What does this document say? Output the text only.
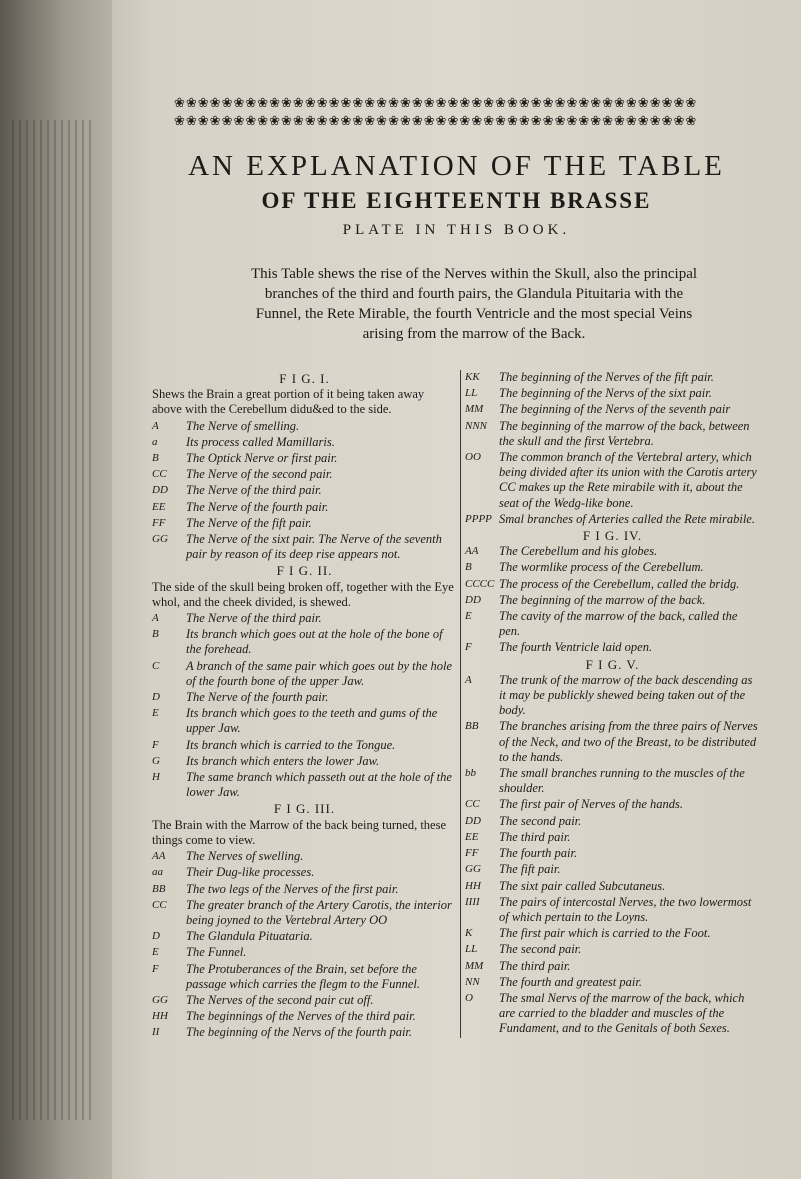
❀❀❀❀❀❀❀❀❀❀❀❀❀❀❀❀❀❀❀❀❀❀❀❀❀❀❀❀❀❀❀❀❀❀❀❀❀❀❀❀❀❀❀❀
❀❀❀❀❀❀❀❀❀❀❀❀❀❀❀❀❀❀❀❀❀❀❀❀❀❀❀❀❀❀❀❀❀❀❀❀❀❀❀❀❀❀❀❀
AN EXPLANATION OF THE TABLE
OF THE EIGHTEENTH BRASSE
PLATE IN THIS BOOK.
This Table shews the rise of the Nerves within the Skull, also the principal branches of the third and fourth pairs, the Glandula Pituitaria with the Funnel, the Rete Mirable, the fourth Ventricle and the most special Veins arising from the marrow of the Back.
F I G. I.
Shews the Brain a great portion of it being taken away above with the Cerebellum didu&ed to the side.
A	The Nerve of smelling.
a	Its process called Mamillaris.
B	The Optick Nerve or first pair.
CC	The Nerve of the second pair.
DD	The Nerve of the third pair.
EE	The Nerve of the fourth pair.
FF	The Nerve of the fift pair.
GG	The Nerve of the sixt pair. The Nerve of the seventh pair by reason of its deep rise appears not.
F I G. II.
The side of the skull being broken off, together with the Eye whol, and the cheek divided, is shewed.
A	The Nerve of the third pair.
B	Its branch which goes out at the hole of the bone of the forehead.
C	A branch of the same pair which goes out by the hole of the fourth bone of the upper Jaw.
D	The Nerve of the fourth pair.
E	Its branch which goes to the teeth and gums of the upper Jaw.
F	Its branch which is carried to the Tongue.
G	Its branch which enters the lower Jaw.
H	The same branch which passeth out at the hole of the lower Jaw.
F I G. III.
The Brain with the Marrow of the back being turned, these things come to view.
AA	The Nerves of swelling.
aa	Their Dug-like processes.
BB	The two legs of the Nerves of the first pair.
CC	The greater branch of the Artery Carotis, the interior being joyned to the Vertebral Artery OO
D	The Glandula Pituataria.
E	The Funnel.
F	The Protuberances of the Brain, set before the passage which carries the flegm to the Funnel.
GG	The Nerves of the second pair cut off.
HH	The beginnings of the Nerves of the third pair.
II	The beginning of the Nervs of the fourth pair.
KK	The beginning of the Nerves of the fift pair.
LL	The beginning of the Nervs of the sixt pair.
MM	The beginning of the Nervs of the seventh pair
NNN The beginning of the marrow of the back, between the skull and the first Vertebra.
OO	The common branch of the Vertebral artery, which being divided after its union with the Carotis artery CC makes up the Rete mirabile with it, about the seat of the Wedg-like bone.
PPPP Smal branches of Arteries called the Rete mirabile.
F I G. IV.
AA	The Cerebellum and his globes.
B	The wormlike process of the Cerebellum.
CCCC The process of the Cerebellum, called the bridg.
DD	The beginning of the marrow of the back.
E	The cavity of the marrow of the back, called the pen.
F	The fourth Ventricle laid open.
F I G. V.
A	The trunk of the marrow of the back descending as it may be publickly shewed being taken out of the body.
BB	The branches arising from the three pairs of Nerves of the Neck, and two of the Breast, to be distributed to the hands.
bb	The small branches running to the muscles of the shoulder.
CC	The first pair of Nerves of the hands.
DD	The second pair.
EE	The third pair.
FF	The fourth pair.
GG	The fift pair.
HH	The sixt pair called Subcutaneus.
IIII	The pairs of intercostal Nerves, the two lowermost of which pertain to the Loyns.
K	The first pair which is carried to the Foot.
LL	The second pair.
MM	The third pair.
NN	The fourth and greatest pair.
O	The smal Nervs of the marrow of the back, which are carried to the bladder and muscles of the Fundament, and to the Genitals of both Sexes.
